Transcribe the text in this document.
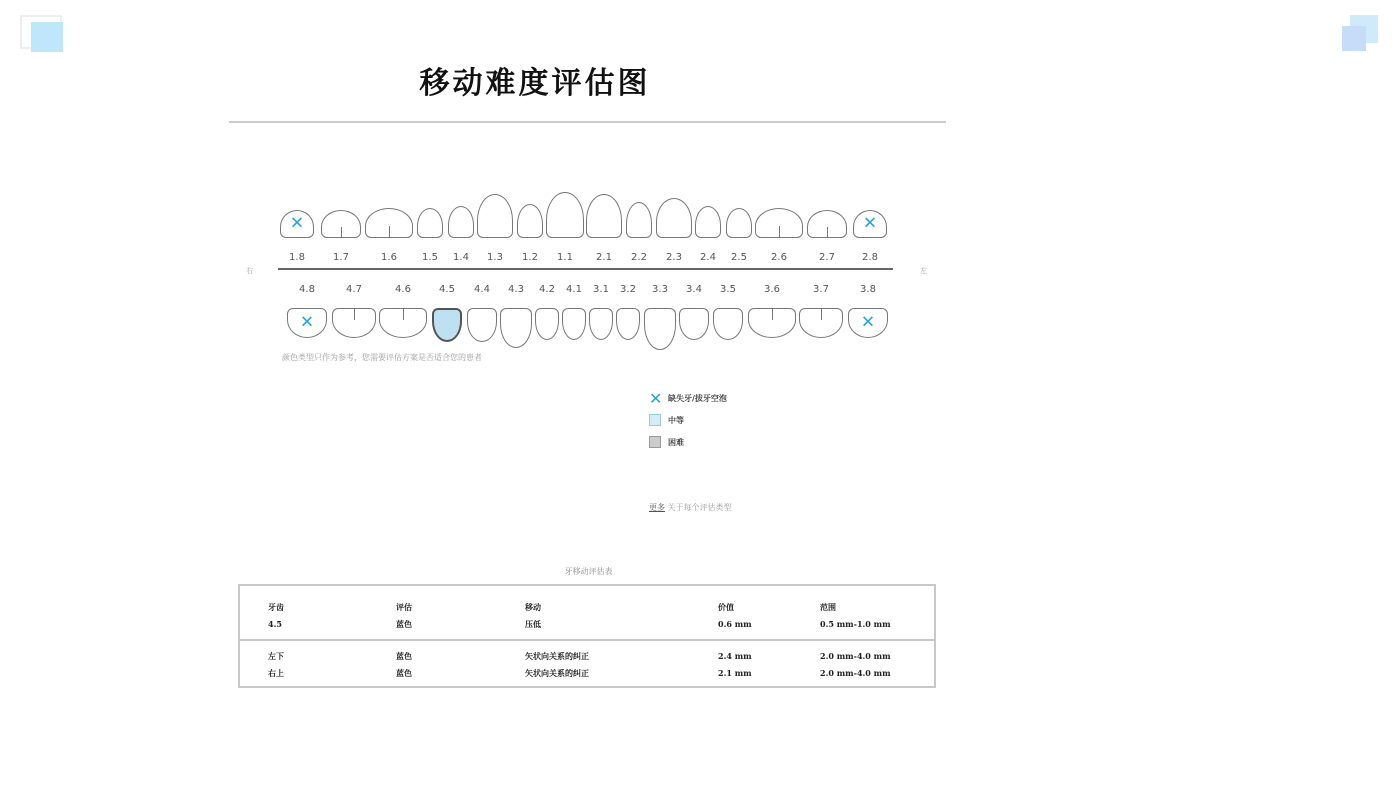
移动难度评估图
✕
1.8	1.7	1.6	1.5 1.4 1.3 1.2 1.1 2.1 2.2 2.3 2.4 2.5 2.6	2.7
✕
2.8
✕
4.8	4.7	4.6	4.5 4.4 4.3 4.2 4.1 3.1 3.2 3.3 3.4 3.5	3.6	3.7
✕
3.8
右	左
颜色类型只作为参考，您需要评估方案是否适合您的患者
✕ 缺失牙/拔牙空泡
中等
困难
更多 关于每个评估类型
牙移动评估表
牙齿	评估	移动	价值	范围
4.5	蓝色	压低	0.6 mm	0.5 mm-1.0 mm
左下	蓝色	矢状向关系的纠正	2.4 mm	2.0 mm-4.0 mm
右上	蓝色	矢状向关系的纠正	2.1 mm	2.0 mm-4.0 mm
